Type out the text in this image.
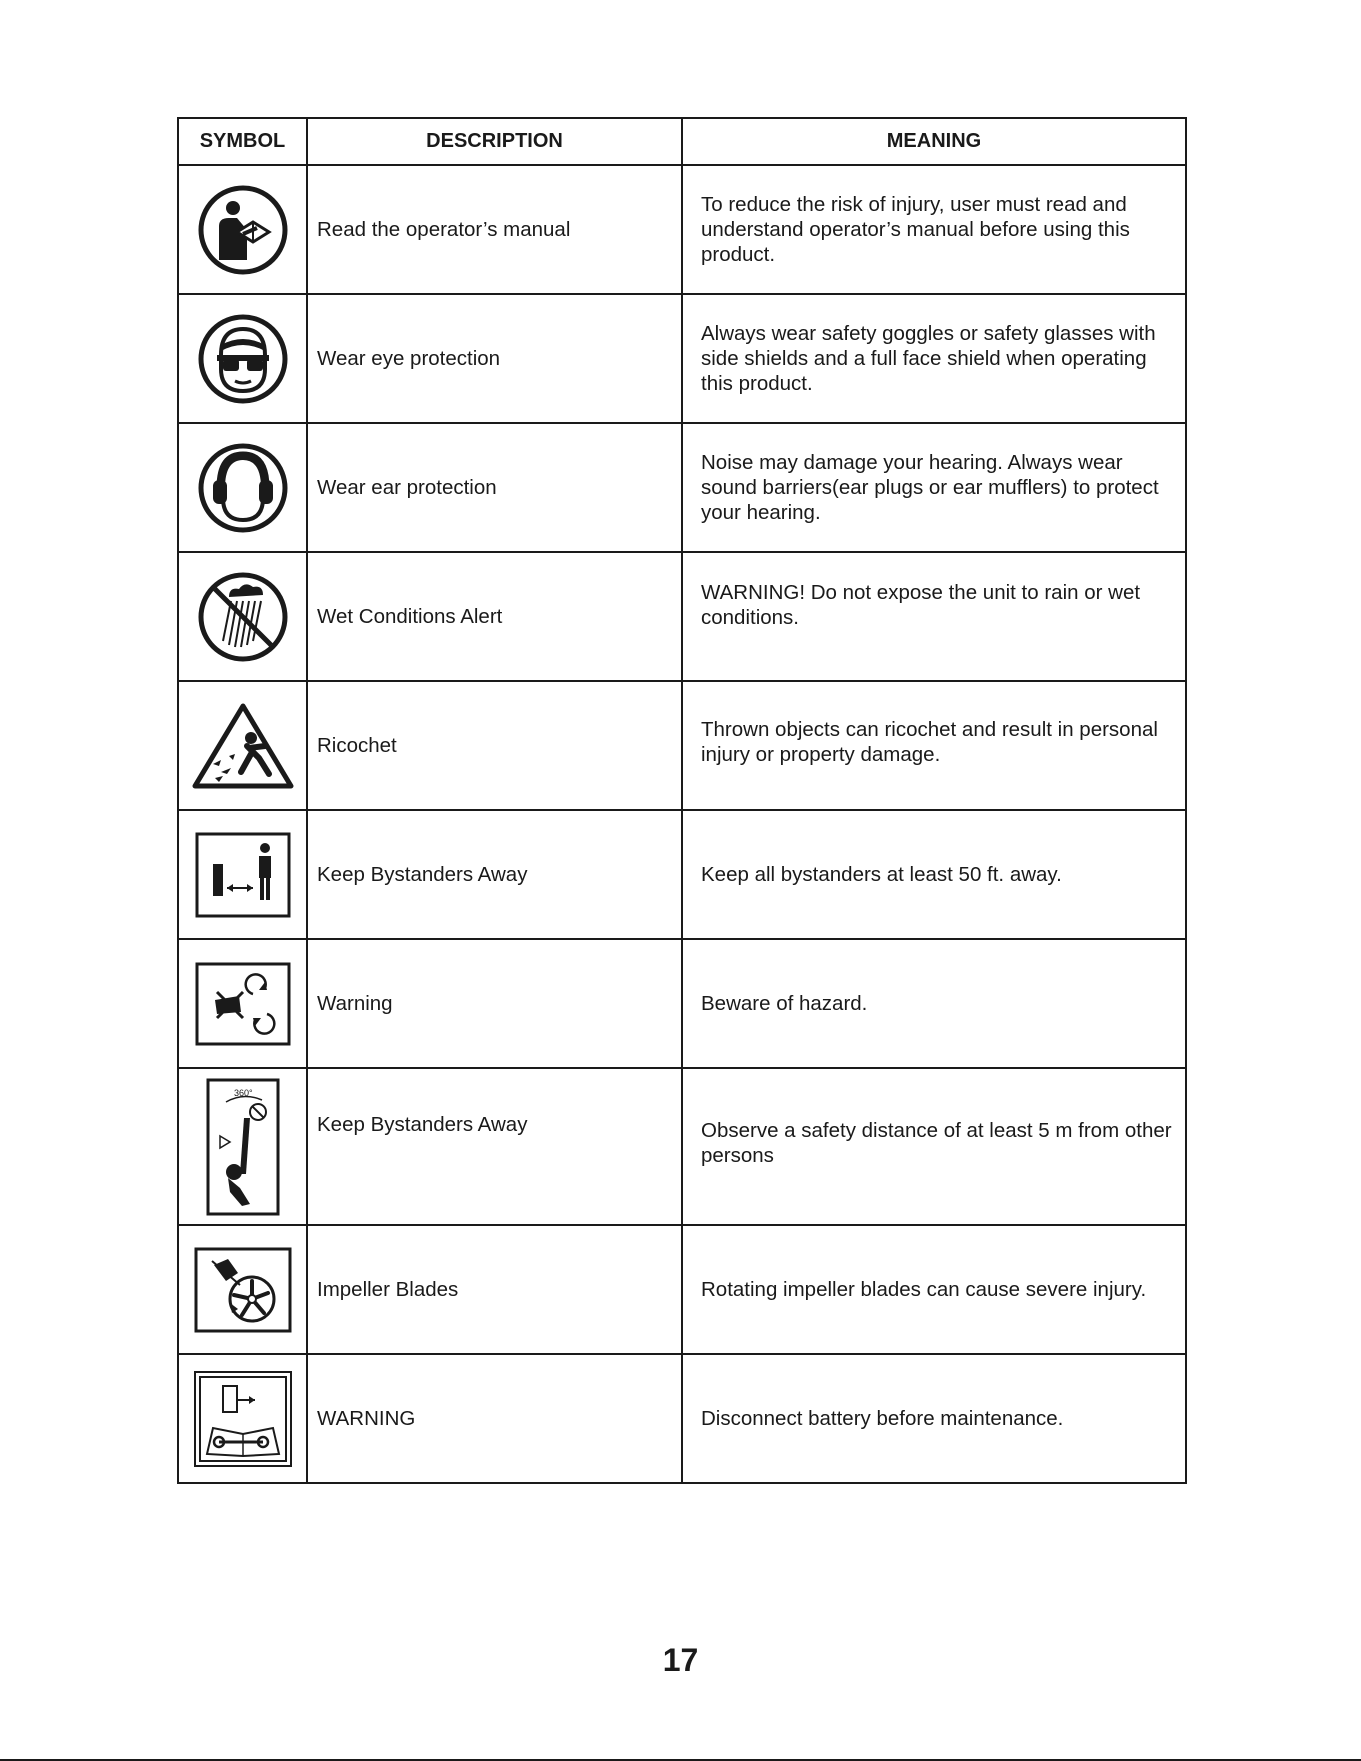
SYMBOL	DESCRIPTION	MEANING

Read the operator’s manual	To reduce the risk of injury, user must read and understand operator’s manual before using this product.

Wear eye protection	Always wear safety goggles or safety glasses with side shields and a full face shield when operating this product.

Wear ear protection	Noise may damage your hearing. Always wear sound barriers(ear plugs or ear mufflers) to protect your hearing.

Wet Conditions Alert	WARNING! Do not expose the unit to rain or wet conditions.

Ricochet	Thrown objects can ricochet and result in personal injury or property damage.

Keep Bystanders Away	Keep all bystanders at least 50 ft. away.

Warning	Beware of hazard.

360°	Keep Bystanders Away	Observe a safety distance of at least 5 m from other persons

Impeller Blades	Rotating impeller blades can cause severe injury.

WARNING	Disconnect battery before maintenance.
17
